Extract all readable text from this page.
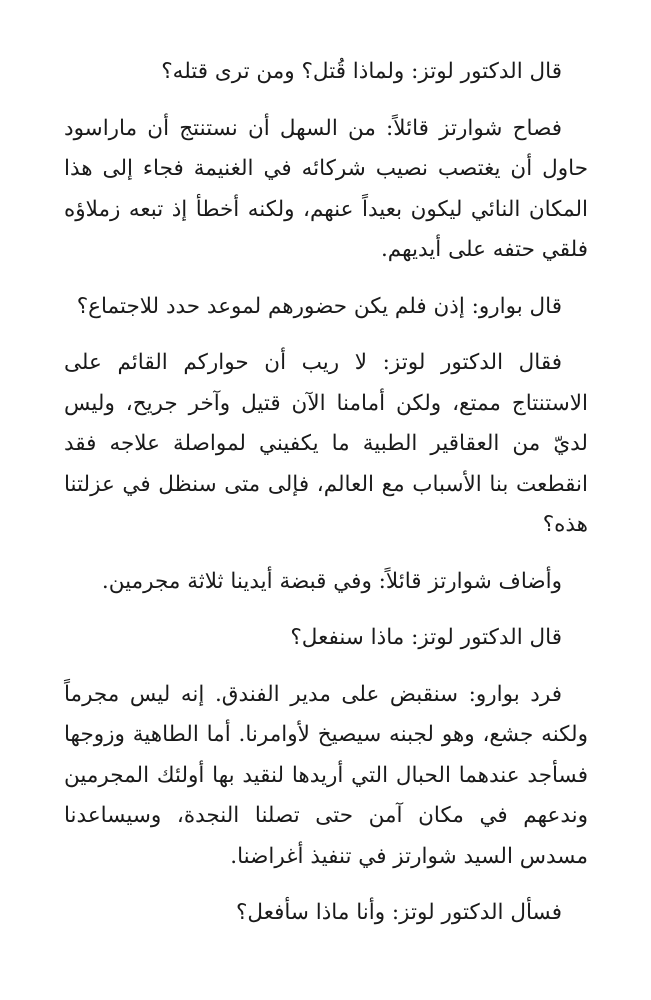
قال الدكتور لوتز: ولماذا قُتل؟ ومن ترى قتله؟

فصاح شوارتز قائلاً: من السهل أن نستنتج أن ماراسود حاول أن يغتصب نصيب شركائه في الغنيمة فجاء إلى هذا المكان النائي ليكون بعيداً عنهم، ولكنه أخطأ إذ تبعه زملاؤه فلقي حتفه على أيديهم.

قال بوارو: إذن فلم يكن حضورهم لموعد حدد للاجتماع؟

فقال الدكتور لوتز: لا ريب أن حواركم القائم على الاستنتاج ممتع، ولكن أمامنا الآن قتيل وآخر جريح، وليس لديّ من العقاقير الطبية ما يكفيني لمواصلة علاجه فقد انقطعت بنا الأسباب مع العالم، فإلى متى سنظل في عزلتنا هذه؟

وأضاف شوارتز قائلاً: وفي قبضة أيدينا ثلاثة مجرمين.

قال الدكتور لوتز: ماذا سنفعل؟

فرد بوارو: سنقبض على مدير الفندق. إنه ليس مجرماً ولكنه جشع، وهو لجبنه سيصيخ لأوامرنا. أما الطاهية وزوجها فسأجد عندهما الحبال التي أريدها لنقيد بها أولئك المجرمين وندعهم في مكان آمن حتى تصلنا النجدة، وسيساعدنا مسدس السيد شوارتز في تنفيذ أغراضنا.

فسأل الدكتور لوتز: وأنا ماذا سأفعل؟
